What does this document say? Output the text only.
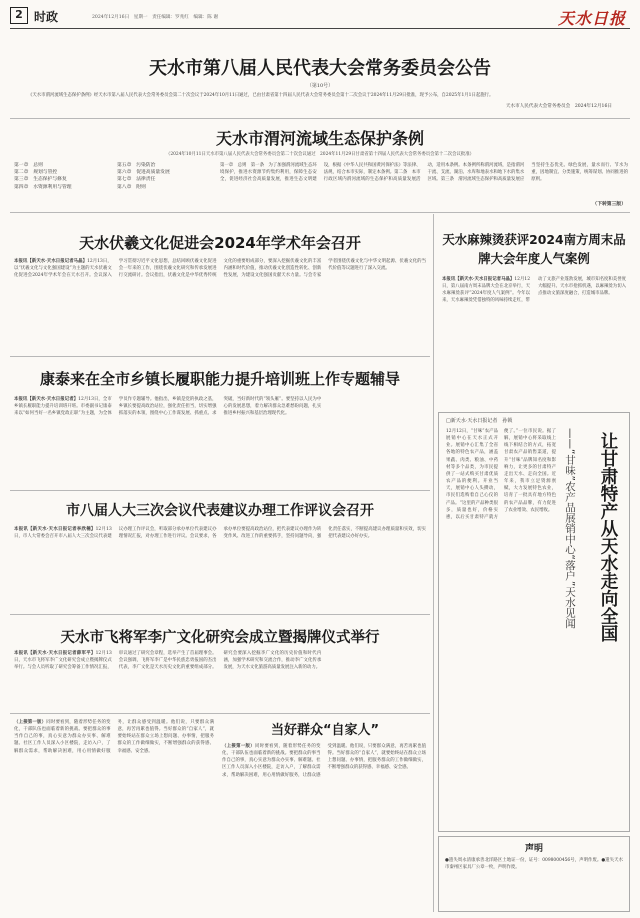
2 时政	2024年12月16日　星期一　责任编辑：罗兆红　编辑：陈 谢	天水日报
天水市第八届人民代表大会常务委员会公告
（第10号）
《天水市渭河流域生态保护条例》经天水市第八届人民代表大会常务委员会第二十次会议于2024年10月11日通过，已由甘肃省第十四届人民代表大会常务委员会第十二次会议于2024年11月29日批准，现予公布，自2025年1月1日起施行。
天水市人民代表大会常务委员会　 2024年12月16日
天水市渭河流域生态保护条例
（2024年10月11日天水市第八届人民代表大会常务委员会第二十次会议通过　2024年11月29日甘肃省第十四届人民代表大会常务委员会第十二次会议批准）
第一章　总则
第二章　规划与管控
第三章　生态保护与修复
第四章　水资源利用与管理
第五章　污染防治
第六章　促进高质量发展
第七章　法律责任
第八章　附则
第一章　总则　第一条　为了加强渭河流域生态环境保护，推进水资源节约集约利用，保障生态安全，促进经济社会高质量发展，推进生态文明建设，根据《中华人民共和国黄河保护法》等法律、法规，结合本市实际，制定本条例。第二条　本市行政区域内渭河流域的生态保护和高质量发展活动，适用本条例。本条例所称渭河流域，是指渭河干流、支流、湖泊、水库和地表水和地下水的集水区域。第三条　渭河流域生态保护和高质量发展应当坚持生态优先、绿色发展，量水而行、节水为重，因地制宜、分类施策，统筹谋划、协同推进的原则。
（下转第三版）
天水伏羲文化促进会2024年学术年会召开
本报讯【新天水·天水日报记者马晶】12月13日，以“伏羲文化与文化强国建设”为主题的天水伏羲文化促进会2024年学术年会在天水召开。会议深入学习贯彻习近平文化思想，总结回顾伏羲文化促进会一年来的工作，围绕伏羲文化研究和传承发展进行交流研讨。会议指出，伏羲文化是中华优秀传统文化的重要组成部分，要深入挖掘伏羲文化的丰富内涵和时代价值，推动伏羲文化创造性转化、创新性发展，为建设文化强国贡献天水力量。与会专家学者围绕伏羲文化与中华文明起源、伏羲文化的当代价值等议题进行了深入交流。
康泰来在全市乡镇长履职能力提升培训班上作专题辅导
本报讯【新天水·天水日报记者】12月13日，全市乡镇长履职能力提升培训班开班。市委副书记康泰来以“如何当好一名乡镇党政正职”为主题，为全体学员作专题辅导。他指出，乡镇是党的执政之基，乡镇长要提高政治站位，强化责任担当，切实增强抓落实的本领，围绕中心工作谋发展、抓重点、求突破，当好新时代的“领头雁”。要坚持以人民为中心的发展思想，着力解决群众急难愁盼问题，扎实推进乡村振兴和基层治理现代化。
市八届人大三次会议代表建议办理工作评议会召开
本报讯【新天水·天水日报记者李欣楠】12月13日，市人大常委会召开市八届人大三次会议代表建议办理工作评议会，听取部分承办单位代表建议办理情况汇报，对办理工作进行评议。会议要求，各承办单位要提高政治站位，把代表建议办理作为转变作风、改进工作的重要抓手，坚持问题导向，强化责任落实，不断提高建议办理质量和实效，切实把代表建议办好办实。
天水市飞将军李广文化研究会成立暨揭牌仪式举行
本报讯【新天水·天水日报记者薛军平】12月13日，天水市飞将军李广文化研究会成立暨揭牌仪式举行。与会人员听取了研究会筹备工作情况汇报，审议通过了研究会章程，选举产生了首届理事会。会议强调，飞将军李广是中华民族忠勇报国的杰出代表，李广文化是天水历史文化的重要组成部分。研究会要深入挖掘李广文化的历史价值和时代内涵，加强学术研究和交流合作，推动李广文化传承发展，为天水文化旅游高质量发展注入新的动力。
（上接第一版）同时要看到，随着形势任务的变化，干部队伍也面临着新的挑战。要把群众的事当作自己的事，真心实意为群众办实事、解难题。社区工作人员深入小区楼院，走访入户，了解群众需求，帮助解决困难，用心用情做好服务，让群众感受到温暖。他们说，只要群众满意，再苦再累也值得。当好群众的“自家人”，就要始终站在群众立场上想问题、办事情，把服务群众的工作做细做实，不断增强群众的获得感、幸福感、安全感。
当好群众“自家人”
（上接第一版）同时要看到，随着形势任务的变化，干部队伍也面临着新的挑战。要把群众的事当作自己的事，真心实意为群众办实事、解难题。社区工作人员深入小区楼院，走访入户，了解群众需求，帮助解决困难，用心用情做好服务，让群众感受到温暖。他们说，只要群众满意，再苦再累也值得。当好群众的“自家人”，就要始终站在群众立场上想问题、办事情，把服务群众的工作做细做实，不断增强群众的获得感、幸福感、安全感。
天水麻辣烫获评2024南方周末品牌大会年度人气案例
本报讯【新天水·天水日报记者马晶】12月12日，第八届南方周末品牌大会在北京举行，天水麻辣烫获评“2024年度人气案例”。今年以来，天水麻辣烫凭借独特的风味持续走红，带动了文旅产业蓬勃发展，城市知名度和美誉度大幅提升。天水市抢抓机遇，以麻辣烫为切入点推动文旅深度融合，打造城市品牌。
□新天水·天水日报记者　孙锁
12月12日，“甘味”农产品展销中心在天水正式开业。展销中心汇集了全省各地的特色农产品，涵盖果蔬、肉类、粮油、中药材等多个品类，为市民提供了一站式购买甘肃优质农产品的便利。开业当天，展销中心人头攒动，市民们选购着自己心仪的产品。“这里的产品种类很多，质量也好，价格实惠，以后买甘肃特产就方便了。”一位市民说。据了解，展销中心将采取线上线下相结合的方式，拓宽甘肃农产品销售渠道，提升“甘味”品牌知名度和影响力，让更多的甘肃特产走出天水、走向全国。近年来，我市立足资源禀赋，大力发展特色农业，培育了一批具有地方特色的农产品品牌，有力促进了农业增效、农民增收。	——“甘味”农产品展销中心“落户”天水见闻	让甘肃特产从天水走向全国
声明
●遗失周永清康承善北洋路区土地证一份，证号：0098000456号，声明作废。●遗失天水市秦州区家具厂公章一枚，声明作废。
